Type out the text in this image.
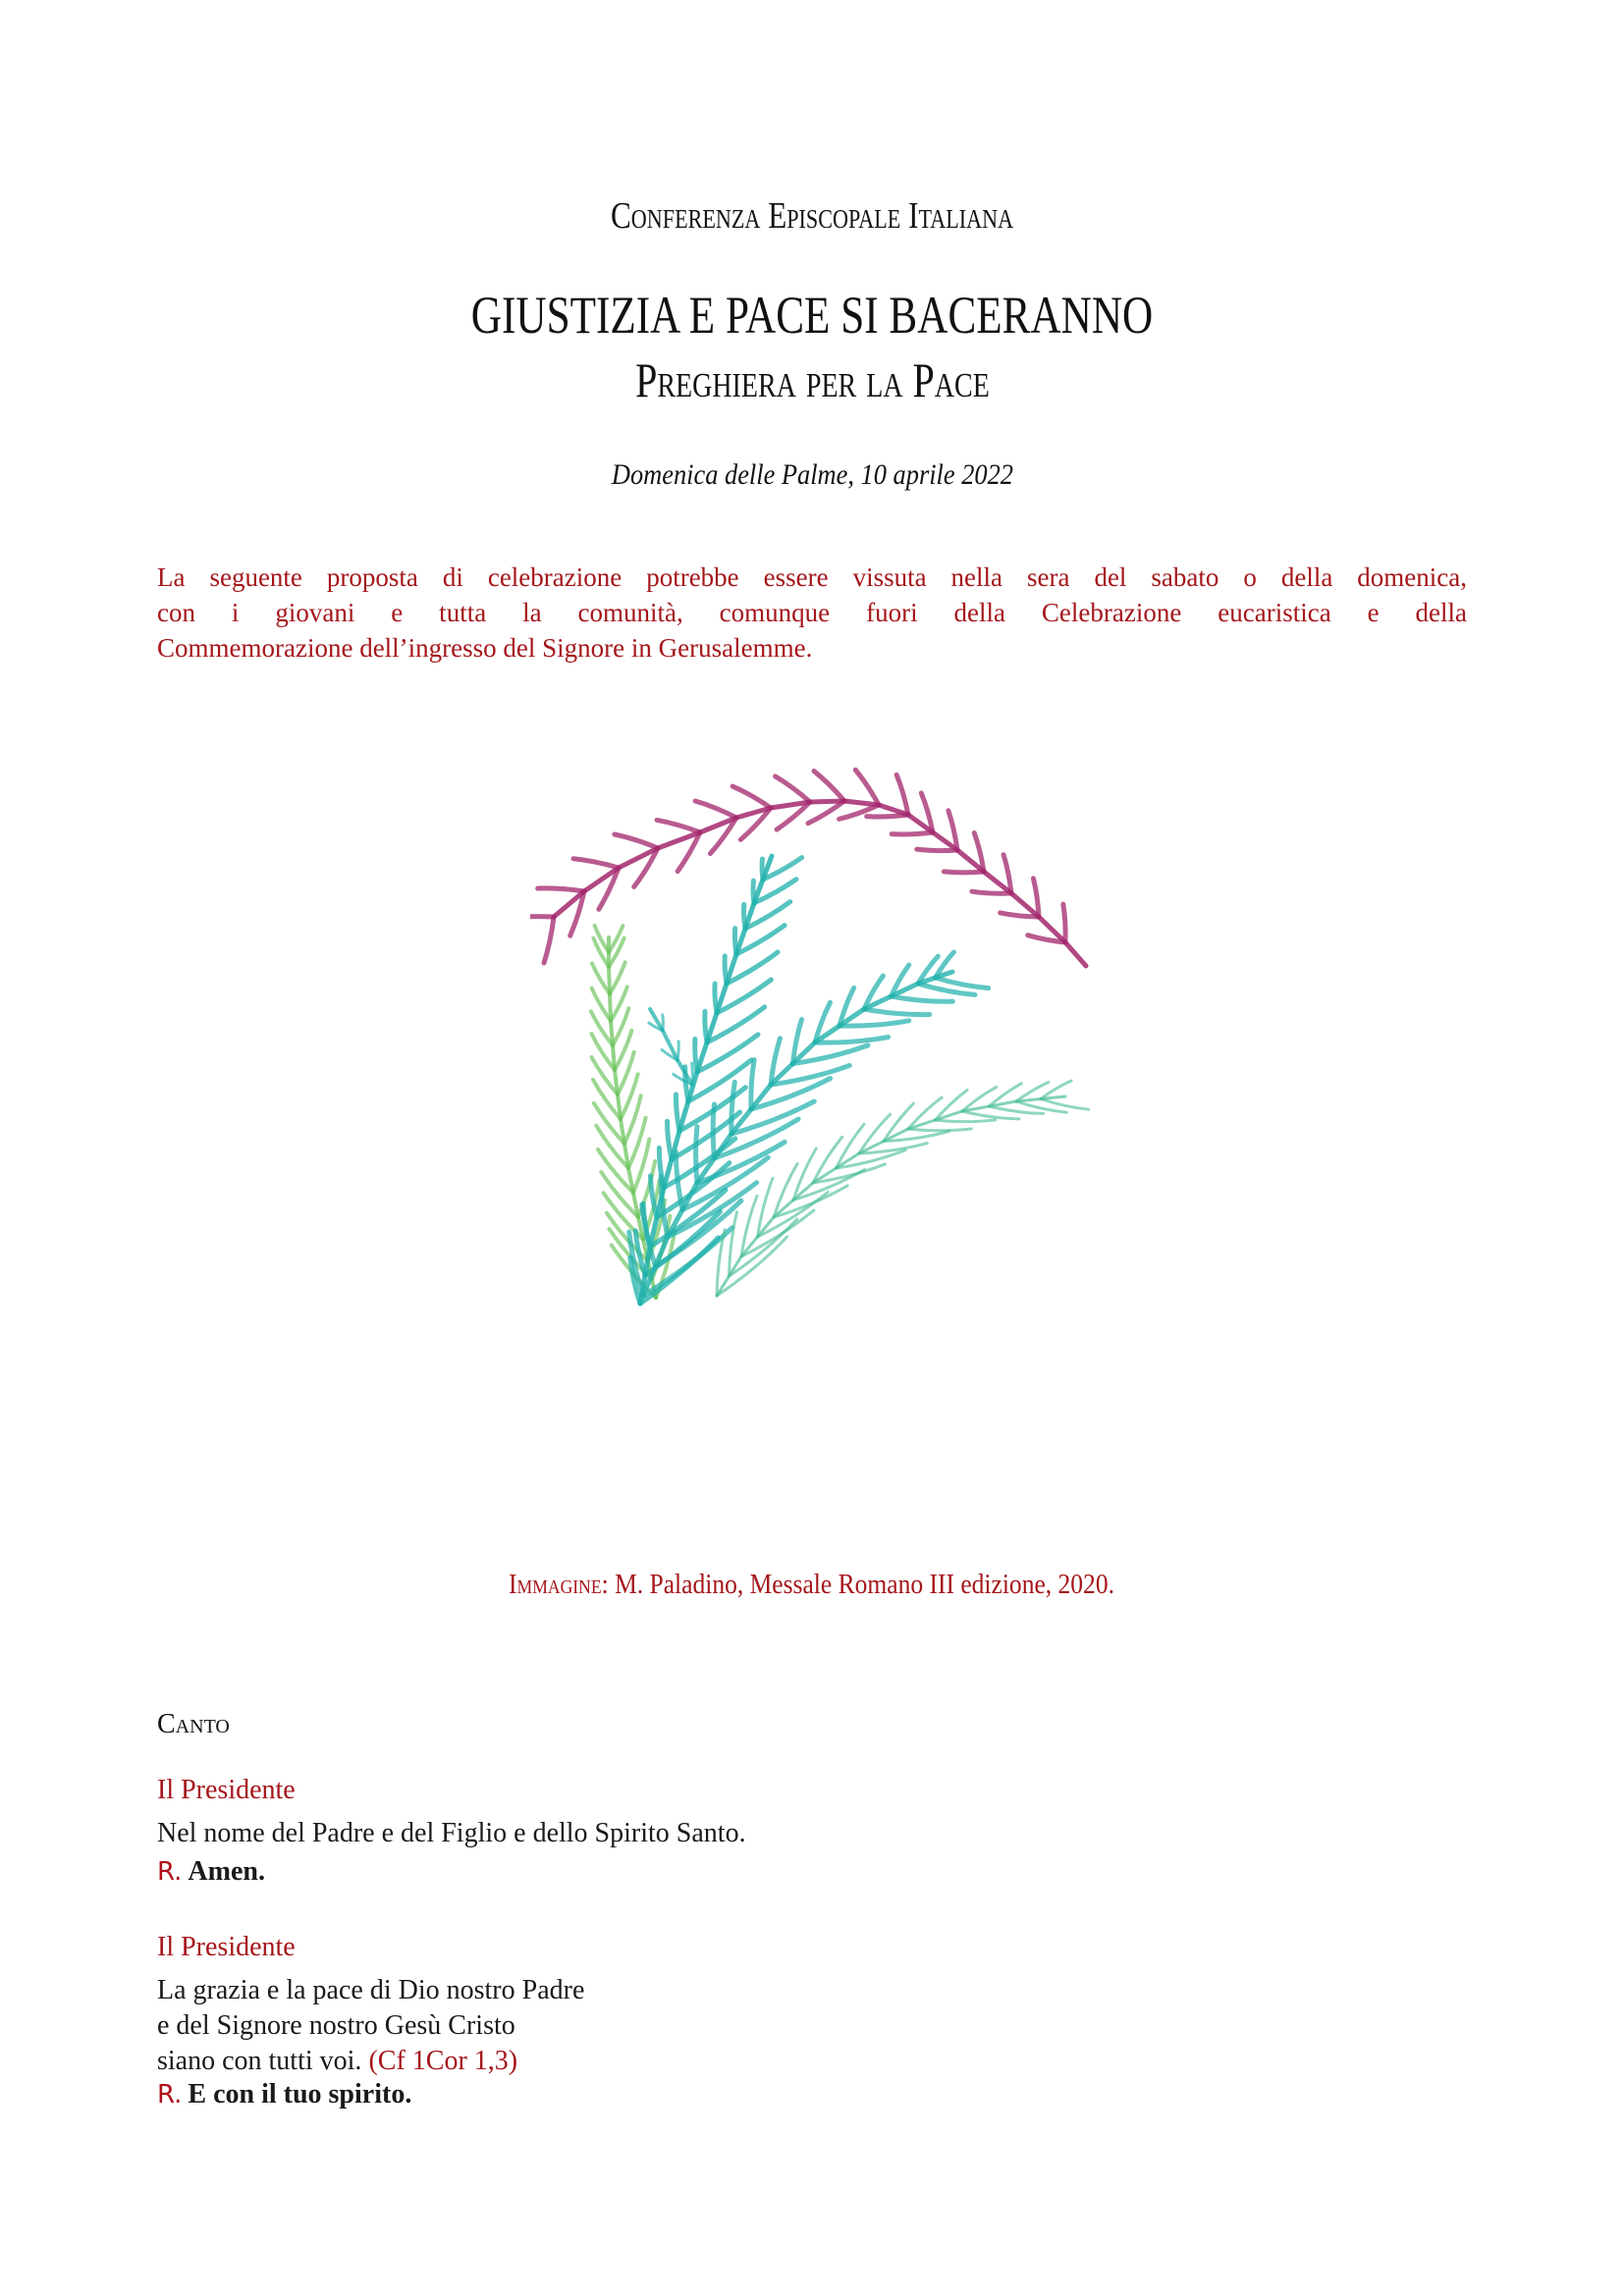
Conferenza Episcopale Italiana
GIUSTIZIA E PACE SI BACERANNO
Preghiera per la Pace
Domenica delle Palme, 10 aprile 2022
La seguente proposta di celebrazione potrebbe essere vissuta nella sera del sabato o della domenica,
con i giovani e tutta la comunità, comunque fuori della Celebrazione eucaristica e della
Commemorazione dell’ingresso del Signore in Gerusalemme.
Immagine: M. Paladino, Messale Romano III edizione, 2020.
Canto
Il Presidente
Nel nome del Padre e del Figlio e dello Spirito Santo.
R. Amen.
Il Presidente
La grazia e la pace di Dio nostro Padre
e del Signore nostro Gesù Cristo
siano con tutti voi. (Cf 1Cor 1,3)
R. E con il tuo spirito.
